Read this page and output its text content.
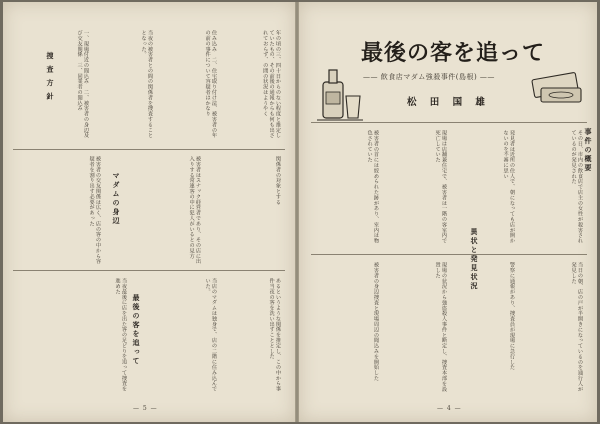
年の頃の三、四十日からのない程度と推定していたもの、その前後の通報からも何も出されておらず、の間の状況はようやく
住み込み　二、住宅取り付け法、被害者の年の前の事件について容疑者はかなり
当夜の被害者との間の関係者を捜査することとなった。
一、現場付近の聞込み　二、被害者の身辺及び交友関係　三、同業者の聞込み
捜 査 方 針
関係者の対象とする
被害者はスナック経営者であり、その店に出入りする常連客の中に犯人がいるとの見方
被害者の交友関係は広く、店の客の中から容疑者を割り出す必要があった	マダムの身辺
あるというような関係を推定し、この中から事件当夜の客を洗い出すこととした
当店のマダムは独身で、店の二階に住み込んでいた。
当夜最後に店を出た客の足どりを追って捜査を進めた
最後の客を追って
— 5 —
最後の客を追って
—— 飲食店マダム強殺事件(島根) ——
松 田 国 雄
その日、市内の飲食店で店主の女性が殺害されているのが発見された
発見者は近所の住人で、朝になっても店が開かないのを不審に思い
現場は店舗兼住宅で、被害者は一階の客室内で死亡していた
被害者の首には絞められた跡があり、室内は物色されていた	事件の概要
当日の朝、店の戸が半開きになっているのを通行人が発見した
警察に通報があり、捜査員が現場に急行した
現場の状況から強盗殺人事件と断定し、捜査本部を設置した
被害者の身辺捜査と現場周辺の聞込みを開始した
異状と発見状況
— 4 —
